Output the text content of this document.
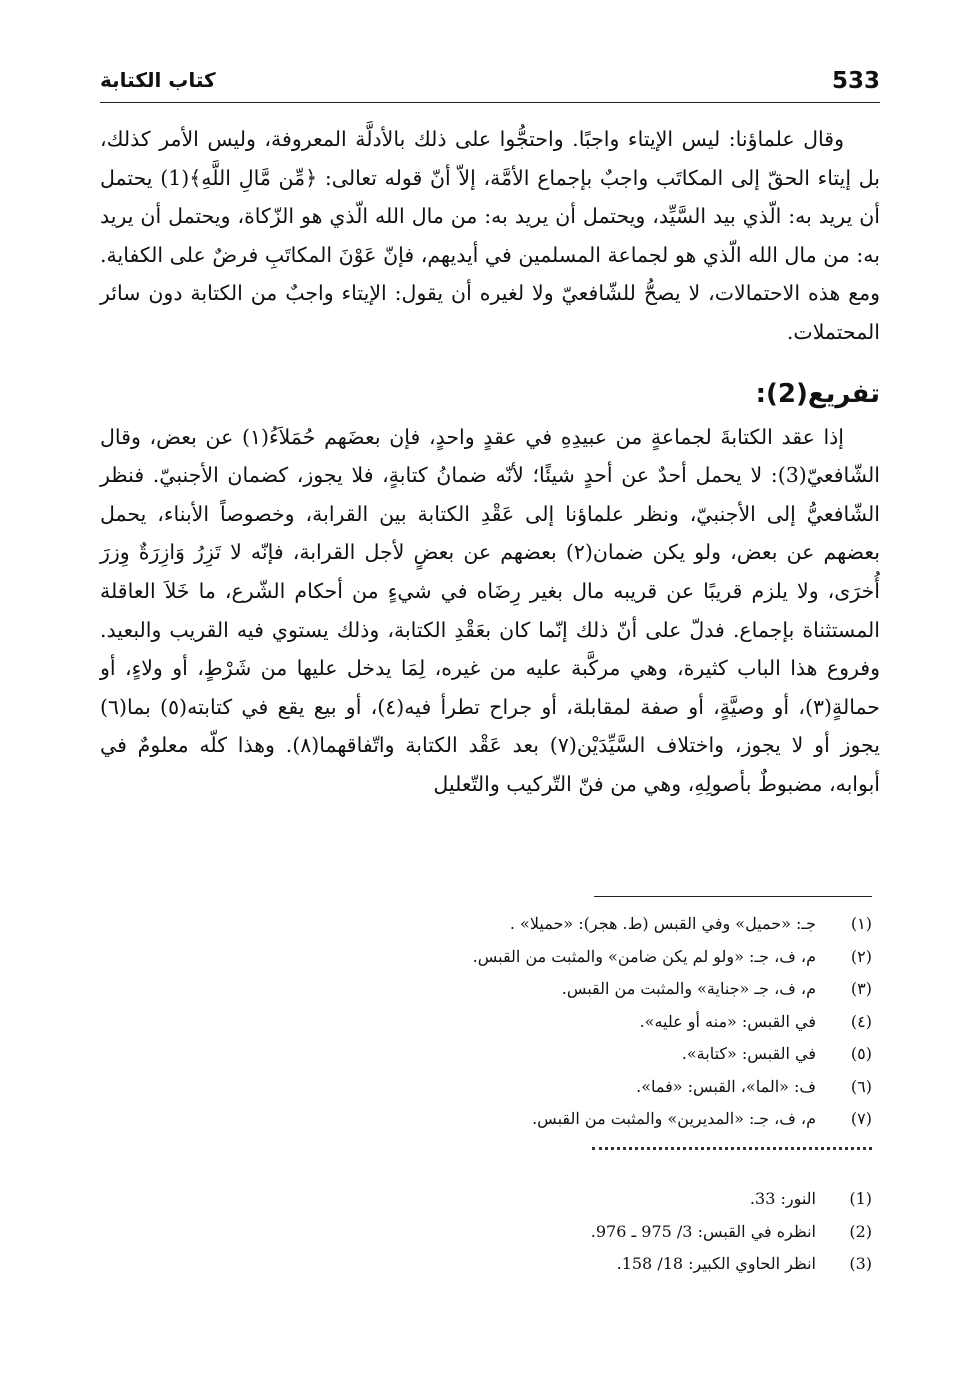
533
كتاب الكتابة

وقال علماؤنا: ليس الإيتاء واجبًا. واحتجُّوا على ذلك بالأدلَّة المعروفة، وليس الأمر كذلك، بل إيتاء الحقّ إلى المكاتَب واجبٌ بإجماع الأمَّة، إلاّ أنّ قوله تعالى: ﴿مِّن مَّالِ اللَّهِ﴾(1) يحتمل أن يريد به: الّذي بيد السَّيِّد، ويحتمل أن يريد به: من مال الله الّذي هو الزّكاة، ويحتمل أن يريد به: من مال الله الّذي هو لجماعة المسلمين في أيديهم، فإنّ عَوْنَ المكاتَبِ فرضٌ على الكفاية. ومع هذه الاحتمالات، لا يصحُّ للشّافعيّ ولا لغيره أن يقول: الإيتاء واجبٌ من الكتابة دون سائر المحتملات.

تفريع(2):

إذا عقد الكتابةَ لجماعةٍ من عبيدِهِ في عقدٍ واحدٍ، فإن بعضَهم حُمَلاَءُ(١) عن بعض، وقال الشّافعيّ(3): لا يحمل أحدٌ عن أحدٍ شيئًا؛ لأنّه ضمانُ كتابةٍ، فلا يجوز، كضمان الأجنبيّ. فنظر الشّافعيُّ إلى الأجنبيّ، ونظر علماؤنا إلى عَقْدِ الكتابة بين القرابة، وخصوصاً الأبناء، يحمل بعضهم عن بعض، ولو يكن ضمان(٢) بعضهم عن بعضٍ لأجل القرابة، فإنّه لا تَزِرُ وَازِرَةٌ وِزرَ أُخرَى، ولا يلزم قريبًا عن قريبه مال بغير رِضَاه في شيءٍ من أحكام الشّرع، ما خَلاَ العاقلة المستثناة بإجماع. فدلّ على أنّ ذلك إنّما كان بعَقْدِ الكتابة، وذلك يستوي فيه القريب والبعيد. وفروع هذا الباب كثيرة، وهي مركَّبة عليه من غيره، لِمَا يدخل عليها من شَرْطٍ، أو ولاءٍ، أو حمالةٍ(٣)، أو وصيَّةٍ، أو صفة لمقابلة، أو جراح تطرأ فيه(٤)، أو بيع يقع في كتابته(٥) بما(٦) يجوز أو لا يجوز، واختلاف السَّيِّدَيْن(٧) بعد عَقْد الكتابة واتّفاقهما(٨). وهذا كلّه معلومٌ في أبوابه، مضبوطٌ بأصولِهِ، وهي من فنّ التّركيب والتّعليل

(١)جـ: «حميل» وفي القبس (ط. هجر): «حميلا» .
(٢)م، ف، جـ: «ولو لم يكن ضامن» والمثبت من القبس.
(٣)م، ف، جـ «جناية» والمثبت من القبس.
(٤)في القبس: «منه أو عليه».
(٥)في القبس: «كتابة».
(٦)ف: «الما»، القبس: «فما».
(٧)م، ف، جـ: «المديرين» والمثبت من القبس.
(1)النور: 33.
(2)انظره في القبس: 3/ 975 ـ 976.
(3)انظر الحاوي الكبير: 18/ 158.
